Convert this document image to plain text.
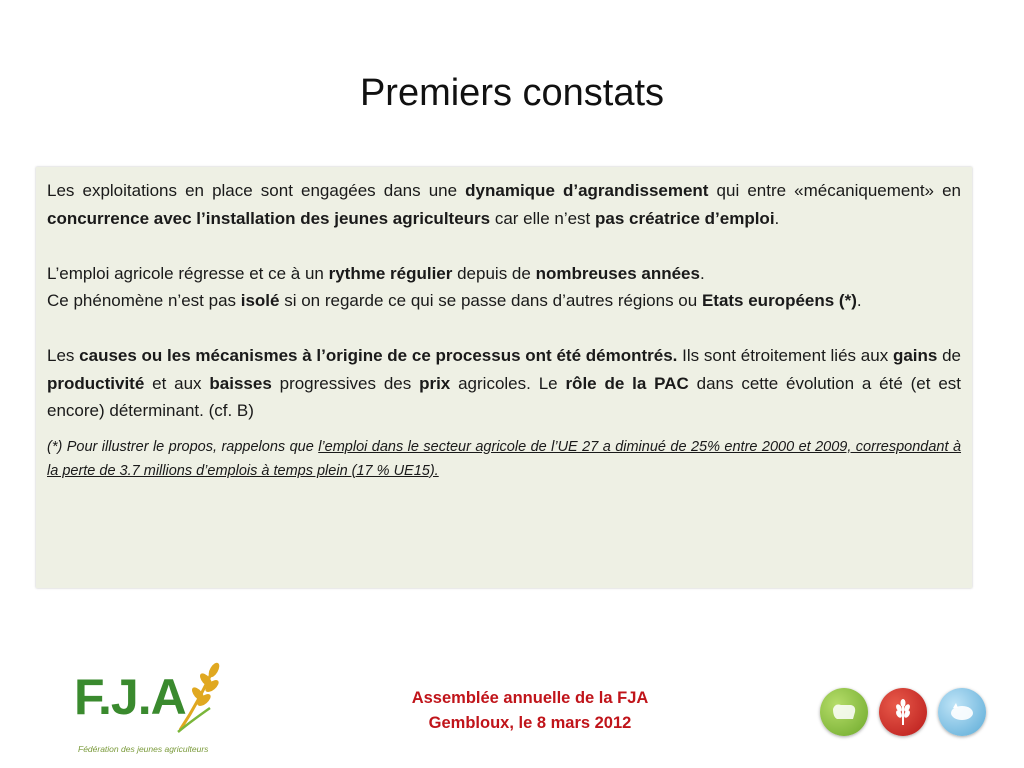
Premiers constats

Les exploitations en place sont engagées dans une dynamique d’agrandissement qui entre «mécaniquement» en concurrence avec l’installation des jeunes agriculteurs car elle n’est pas créatrice d’emploi.

L’emploi agricole régresse et ce à un rythme régulier depuis de nombreuses années.

Ce phénomène n’est pas isolé si on regarde ce qui se passe dans d’autres régions ou Etats européens (*).

Les causes ou les mécanismes à l’origine de ce processus ont été démontrés. Ils sont étroitement liés aux gains de productivité et aux baisses progressives des prix agricoles. Le rôle de la PAC dans cette évolution a été (et est encore) déterminant. (cf. B)

(*) Pour illustrer le propos, rappelons que l’emploi dans le secteur agricole de l’UE 27 a diminué de 25% entre 2000 et 2009, correspondant à la perte de 3.7 millions d’emplois à temps plein (17 % UE15).

F.J.A
Fédération des jeunes agriculteurs
Assemblée annuelle de la FJA
Gembloux, le 8 mars 2012
